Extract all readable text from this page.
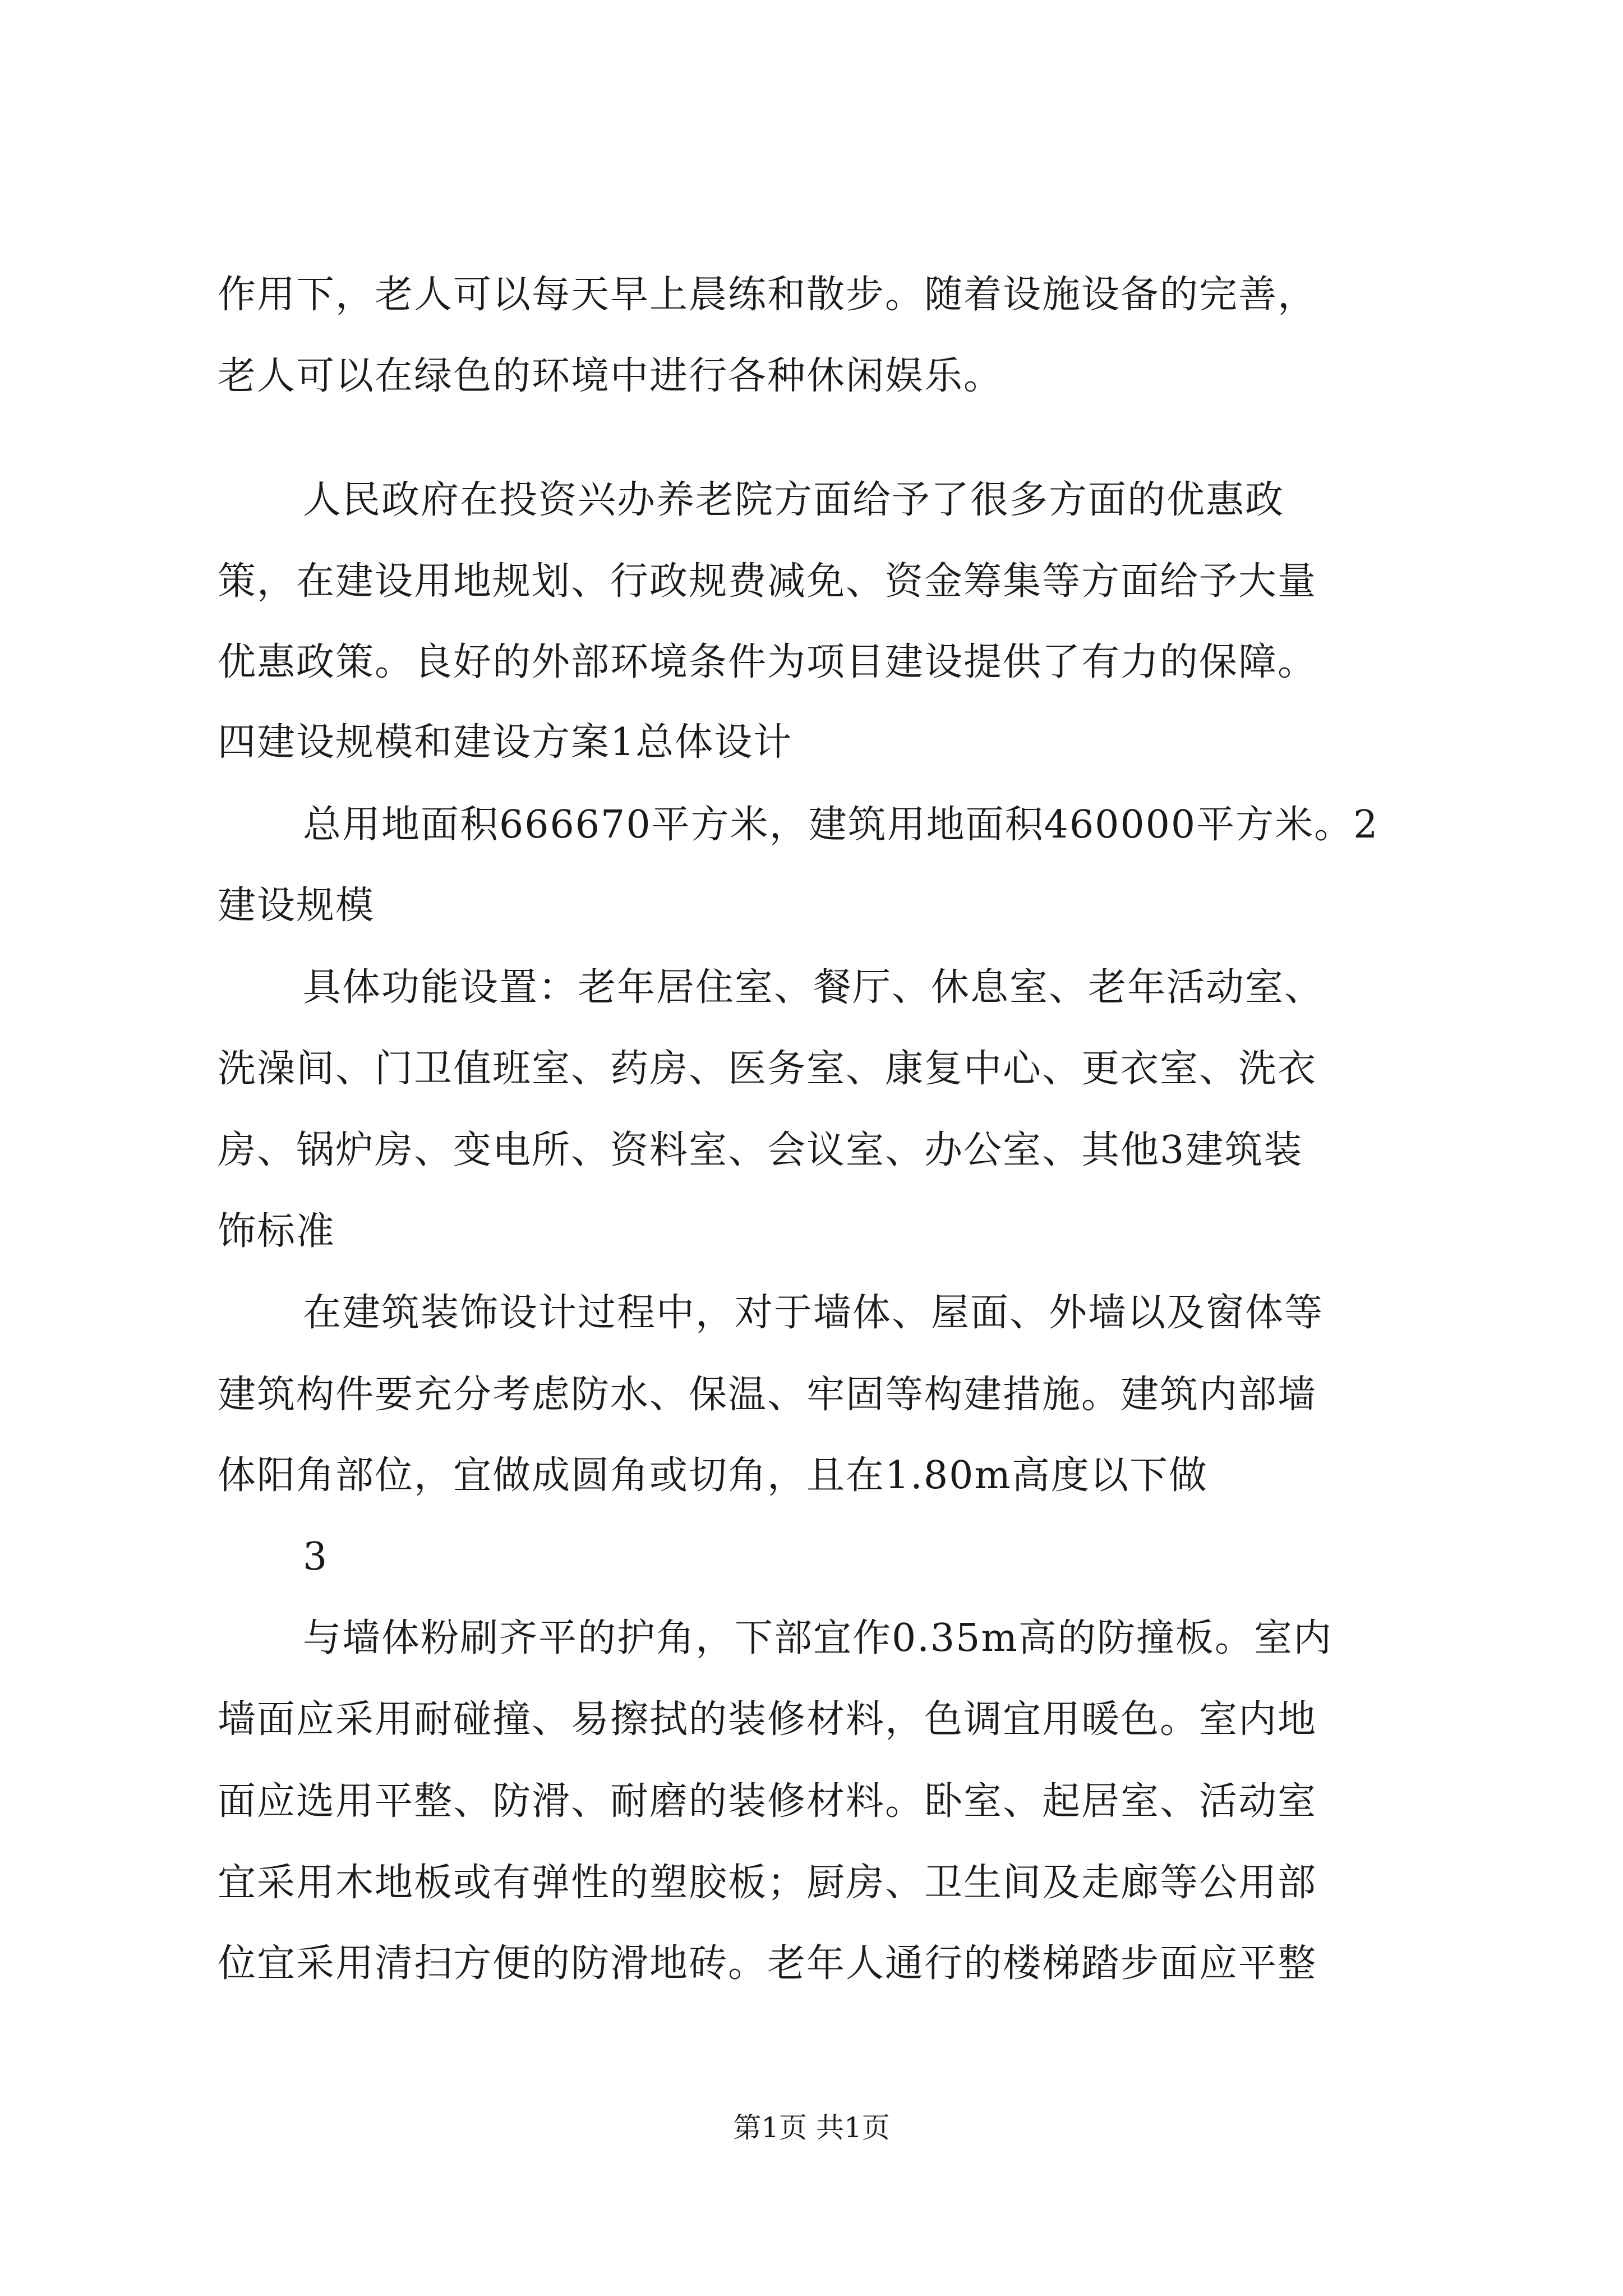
作用下，老人可以每天早上晨练和散步。随着设施设备的完善，
老人可以在绿色的环境中进行各种休闲娱乐。
人民政府在投资兴办养老院方面给予了很多方面的优惠政
策，在建设用地规划、行政规费减免、资金筹集等方面给予大量
优惠政策。良好的外部环境条件为项目建设提供了有力的保障。
四建设规模和建设方案1总体设计
总用地面积666670平方米，建筑用地面积460000平方米。2
建设规模
具体功能设置：老年居住室、餐厅、休息室、老年活动室、
洗澡间、门卫值班室、药房、医务室、康复中心、更衣室、洗衣
房、锅炉房、变电所、资料室、会议室、办公室、其他3建筑装
饰标准
在建筑装饰设计过程中，对于墙体、屋面、外墙以及窗体等
建筑构件要充分考虑防水、保温、牢固等构建措施。建筑内部墙
体阳角部位，宜做成圆角或切角，且在1.80m高度以下做
3
与墙体粉刷齐平的护角，下部宜作0.35m高的防撞板。室内
墙面应采用耐碰撞、易擦拭的装修材料，色调宜用暖色。室内地
面应选用平整、防滑、耐磨的装修材料。卧室、起居室、活动室
宜采用木地板或有弹性的塑胶板；厨房、卫生间及走廊等公用部
位宜采用清扫方便的防滑地砖。老年人通行的楼梯踏步面应平整
第1页 共1页
